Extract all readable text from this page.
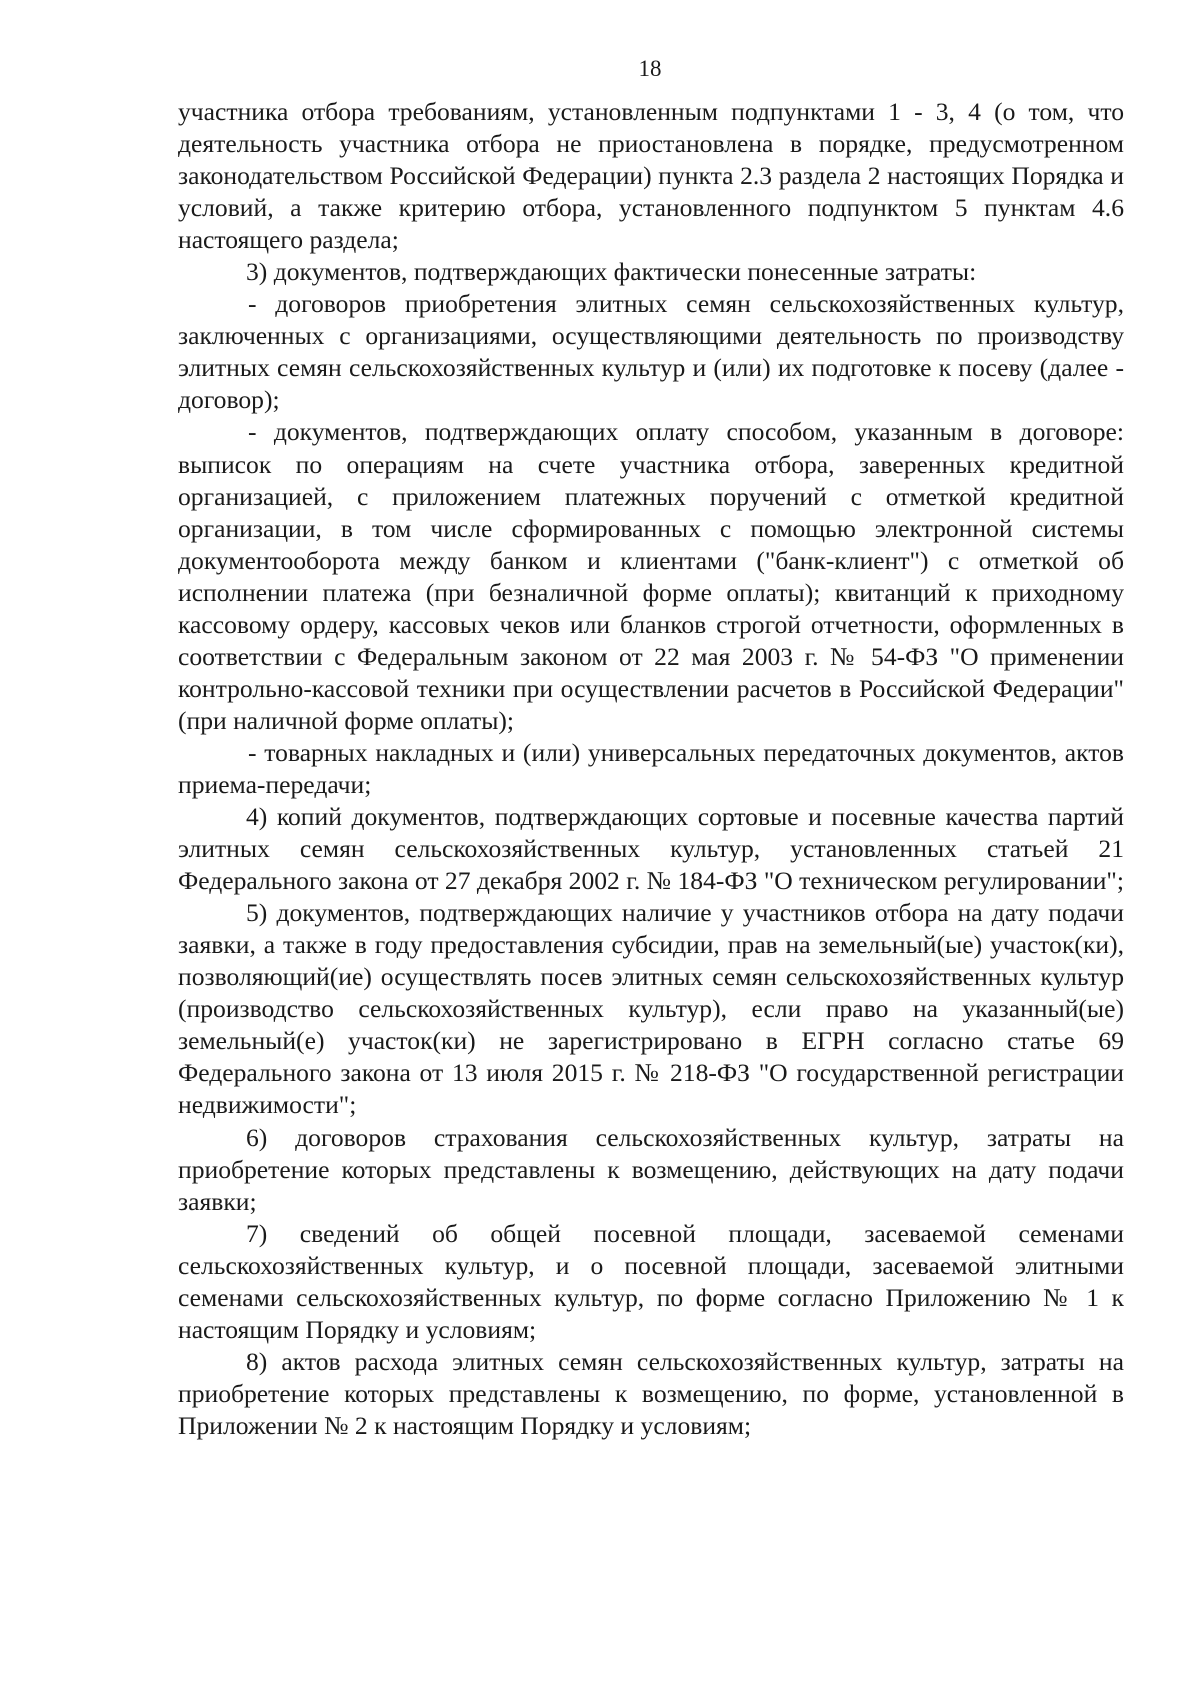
18

участника отбора требованиям, установленным подпунктами 1 - 3, 4 (о том, что деятельность участника отбора не приостановлена в порядке, предусмотренном законодательством Российской Федерации) пункта 2.3 раздела 2 настоящих Порядка и условий, а также критерию отбора, установленного подпунктом 5 пунктам 4.6 настоящего раздела;

3) документов, подтверждающих фактически понесенные затраты:

- договоров приобретения элитных семян сельскохозяйственных культур, заключенных с организациями, осуществляющими деятельность по производству элитных семян сельскохозяйственных культур и (или) их подготовке к посеву (далее - договор);

- документов, подтверждающих оплату способом, указанным в договоре: выписок по операциям на счете участника отбора, заверенных кредитной организацией, с приложением платежных поручений с отметкой кредитной организации, в том числе сформированных с помощью электронной системы документооборота между банком и клиентами ("банк-клиент") с отметкой об исполнении платежа (при безналичной форме оплаты); квитанций к приходному кассовому ордеру, кассовых чеков или бланков строгой отчетности, оформленных в соответствии с Федеральным законом от 22 мая 2003 г. № 54-ФЗ "О применении контрольно-кассовой техники при осуществлении расчетов в Российской Федерации" (при наличной форме оплаты);

- товарных накладных и (или) универсальных передаточных документов, актов приема-передачи;

4) копий документов, подтверждающих сортовые и посевные качества партий элитных семян сельскохозяйственных культур, установленных статьей 21 Федерального закона от 27 декабря 2002 г. № 184-ФЗ "О техническом регулировании";

5) документов, подтверждающих наличие у участников отбора на дату подачи заявки, а также в году предоставления субсидии, прав на земельный(ые) участок(ки), позволяющий(ие) осуществлять посев элитных семян сельскохозяйственных культур (производство сельскохозяйственных культур), если право на указанный(ые) земельный(е) участок(ки) не зарегистрировано в ЕГРН согласно статье 69 Федерального закона от 13 июля 2015 г. № 218-ФЗ "О государственной регистрации недвижимости";

6) договоров страхования сельскохозяйственных культур, затраты на приобретение которых представлены к возмещению, действующих на дату подачи заявки;

7) сведений об общей посевной площади, засеваемой семенами сельскохозяйственных культур, и о посевной площади, засеваемой элитными семенами сельскохозяйственных культур, по форме согласно Приложению № 1 к настоящим Порядку и условиям;

8) актов расхода элитных семян сельскохозяйственных культур, затраты на приобретение которых представлены к возмещению, по форме, установленной в Приложении № 2 к настоящим Порядку и условиям;
